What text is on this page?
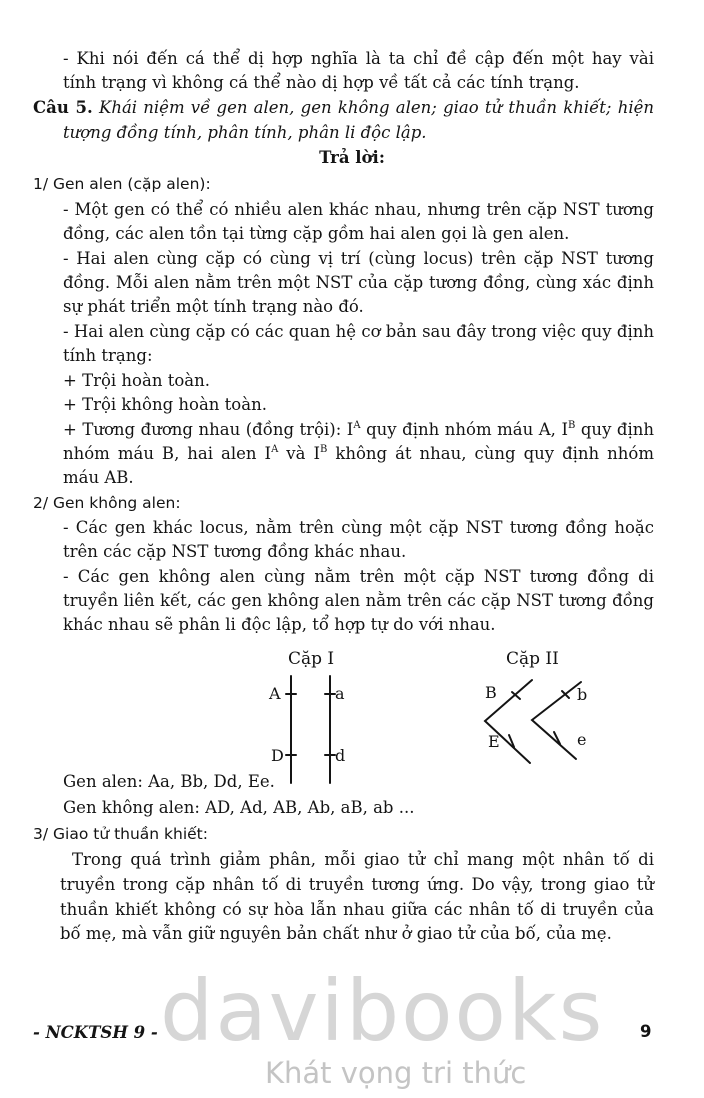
- Khi nói đến cá thể dị hợp nghĩa là ta chỉ đề cập đến một hay vài
tính trạng vì không cá thể nào dị hợp về tất cả các tính trạng.
Câu 5. Khái niệm về gen alen, gen không alen; giao tử thuần khiết; hiện
tượng đồng tính, phân tính, phân li độc lập.
Trả lời:
1/ Gen alen (cặp alen):
- Một gen có thể có nhiều alen khác nhau, nhưng trên cặp NST tương
đồng, các alen tồn tại từng cặp gồm hai alen gọi là gen alen.
- Hai alen cùng cặp có cùng vị trí (cùng locus) trên cặp NST tương
đồng. Mỗi alen nằm trên một NST của cặp tương đồng, cùng xác định
sự phát triển một tính trạng nào đó.
- Hai alen cùng cặp có các quan hệ cơ bản sau đây trong việc quy định
tính trạng:
+ Trội hoàn toàn.
+ Trội không hoàn toàn.
+ Tương đương nhau (đồng trội): $I^A$ quy định nhóm máu A, $I^B$ quy định
nhóm máu B, hai alen $I^A$ và $I^B$ không át nhau, cùng quy định nhóm
máu AB.
2/ Gen không alen:
- Các gen khác locus, nằm trên cùng một cặp NST tương đồng hoặc
trên các cặp NST tương đồng khác nhau.
- Các gen không alen cùng nằm trên một cặp NST tương đồng di
truyền liên kết, các gen không alen nằm trên các cặp NST tương đồng
khác nhau sẽ phân li độc lập, tổ hợp tự do với nhau.
Cặp I	Cặp II
A	a
D	d
B	b
E	e
Gen alen: Aa, Bb, Dd, Ee.
Gen không alen: AD, Ad, AB, Ab, aB, ab ...
3/ Giao tử thuần khiết:
Trong quá trình giảm phân, mỗi giao tử chỉ mang một nhân tố di
truyền trong cặp nhân tố di truyền tương ứng. Do vậy, trong giao tử
thuần khiết không có sự hòa lẫn nhau giữa các nhân tố di truyền của
bố mẹ, mà vẫn giữ nguyên bản chất như ở giao tử của bố, của mẹ.
davibooks
Khát vọng tri thức
- NCKTSH 9 -	9
